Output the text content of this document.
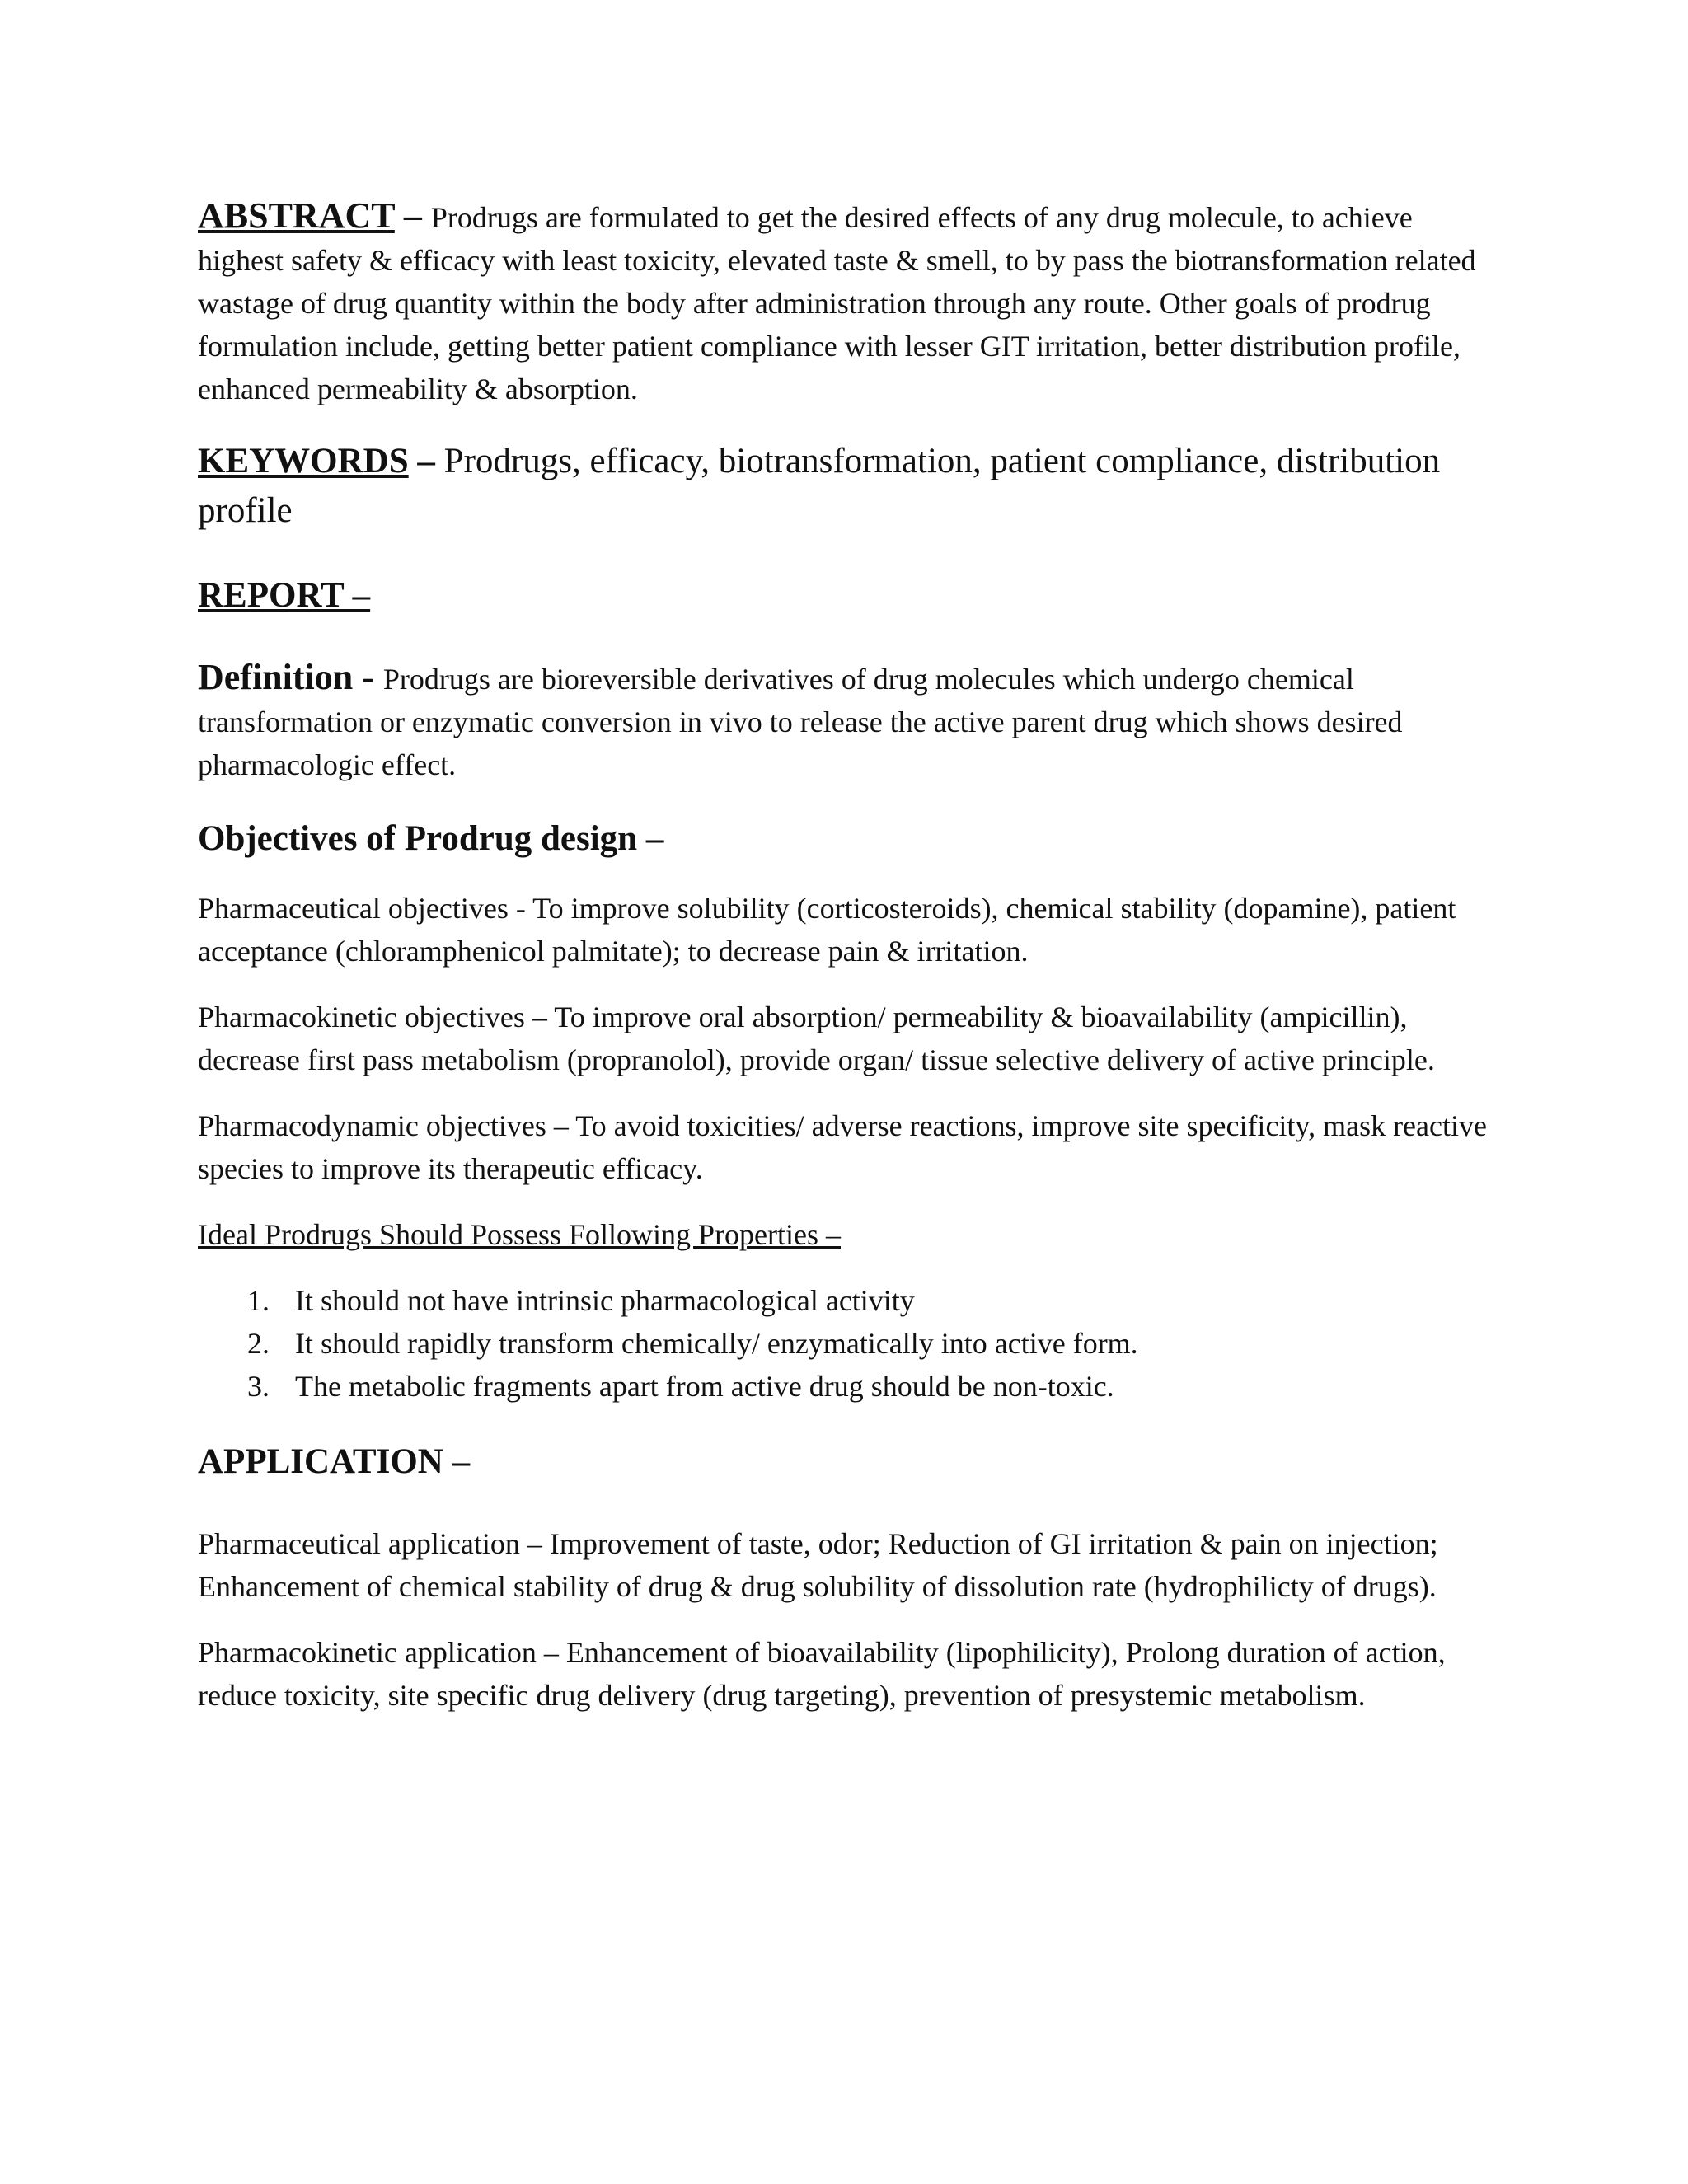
ABSTRACT – Prodrugs are formulated to get the desired effects of any drug molecule, to achieve highest safety & efficacy with least toxicity, elevated taste & smell, to by pass the biotransformation related wastage of drug quantity within the body after administration through any route. Other goals of prodrug formulation include, getting better patient compliance with lesser GIT irritation, better distribution profile, enhanced permeability & absorption.

KEYWORDS – Prodrugs, efficacy, biotransformation, patient compliance, distribution profile

REPORT –

Definition - Prodrugs are bioreversible derivatives of drug molecules which undergo chemical transformation or enzymatic conversion in vivo to release the active parent drug which shows desired pharmacologic effect.

Objectives of Prodrug design –

Pharmaceutical objectives - To improve solubility (corticosteroids), chemical stability (dopamine), patient acceptance (chloramphenicol palmitate); to decrease pain & irritation.

Pharmacokinetic objectives – To improve oral absorption/ permeability & bioavailability (ampicillin), decrease first pass metabolism (propranolol), provide organ/ tissue selective delivery of active principle.

Pharmacodynamic objectives – To avoid toxicities/ adverse reactions, improve site specificity, mask reactive species to improve its therapeutic efficacy.

Ideal Prodrugs Should Possess Following Properties –

1. It should not have intrinsic pharmacological activity
2. It should rapidly transform chemically/ enzymatically into active form.
3. The metabolic fragments apart from active drug should be non-toxic.

APPLICATION –

Pharmaceutical application – Improvement of taste, odor; Reduction of GI irritation & pain on injection; Enhancement of chemical stability of drug & drug solubility of dissolution rate (hydrophilicty of drugs).

Pharmacokinetic application – Enhancement of bioavailability (lipophilicity), Prolong duration of action, reduce toxicity, site specific drug delivery (drug targeting), prevention of presystemic metabolism.
